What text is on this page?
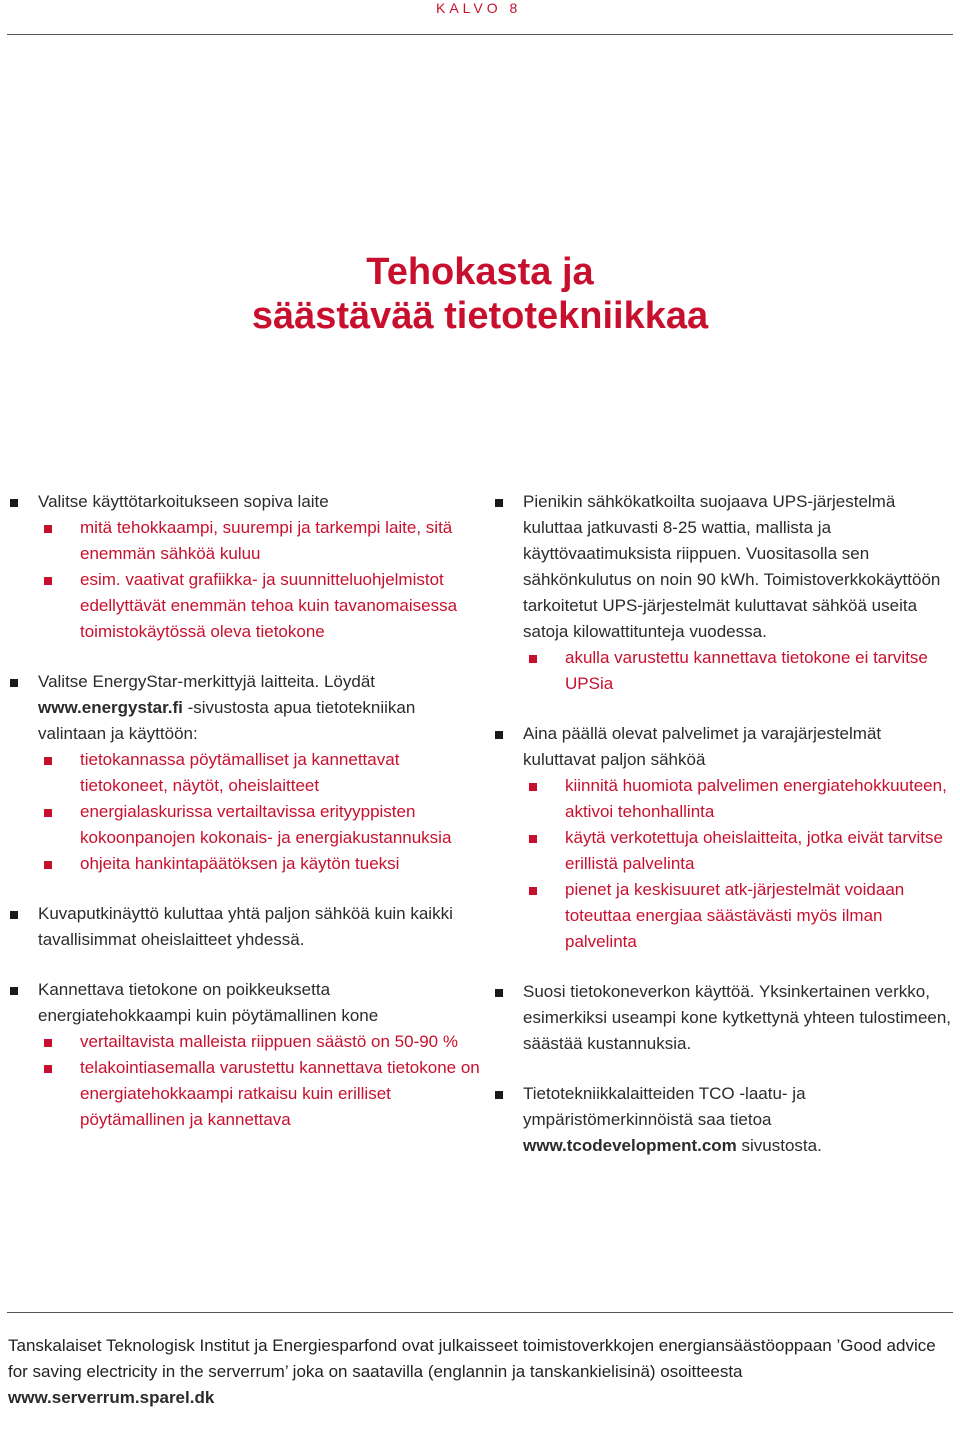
KALVO 8
Tehokasta ja
säästävää tietotekniikkaa
Valitse käyttötarkoitukseen sopiva laite
mitä tehokkaampi, suurempi ja tarkempi laite, sitä enemmän sähköä kuluu
esim. vaativat grafiikka- ja suunnitteluohjelmistot edellyttävät enemmän tehoa kuin tavanomaisessa toimistokäytössä oleva tietokone
Valitse EnergyStar-merkittyjä laitteita. Löydät www.energystar.fi -sivustosta apua tietotekniikan valintaan ja käyttöön:
tietokannassa pöytämalliset ja kannettavat tietokoneet, näytöt, oheislaitteet
energialaskurissa vertailtavissa erityyppisten kokoonpanojen kokonais- ja energiakustannuksia
ohjeita hankintapäätöksen ja käytön tueksi
Kuvaputkinäyttö kuluttaa yhtä paljon sähköä kuin kaikki tavallisimmat oheislaitteet yhdessä.
Kannettava tietokone on poikkeuksetta energiatehokkaampi kuin pöytämallinen kone
vertailtavista malleista riippuen säästö on 50-90 %
telakointiasemalla varustettu kannettava tietokone on energiatehokkaampi ratkaisu kuin erilliset pöytämallinen ja kannettava
Pienikin sähkökatkoilta suojaava UPS-järjestelmä kuluttaa jatkuvasti 8-25 wattia, mallista ja käyttövaatimuksista riippuen. Vuositasolla sen sähkönkulutus on noin 90 kWh. Toimistoverkkokäyttöön tarkoitetut UPS-järjestelmät kuluttavat sähköä useita satoja kilowattitunteja vuodessa.
akulla varustettu kannettava tietokone ei tarvitse UPSia
Aina päällä olevat palvelimet ja varajärjestelmät kuluttavat paljon sähköä
kiinnitä huomiota palvelimen energiatehokkuuteen, aktivoi tehonhallinta
käytä verkotettuja oheislaitteita, jotka eivät tarvitse erillistä palvelinta
pienet ja keskisuuret atk-järjestelmät voidaan toteuttaa energiaa säästävästi myös ilman palvelinta
Suosi tietokoneverkon käyttöä. Yksinkertainen verkko, esimerkiksi useampi kone kytkettynä yhteen tulostimeen, säästää kustannuksia.
Tietotekniikkalaitteiden TCO -laatu- ja ympäristömerkinnöistä saa tietoa www.tcodevelopment.com sivustosta.
Tanskalaiset Teknologisk Institut ja Energiesparfond ovat julkaisseet toimistoverkkojen energiansäästöoppaan ’Good advice for saving electricity in the serverrum’ joka on saatavilla (englannin ja tanskankielisinä) osoitteesta www.serverrum.sparel.dk
